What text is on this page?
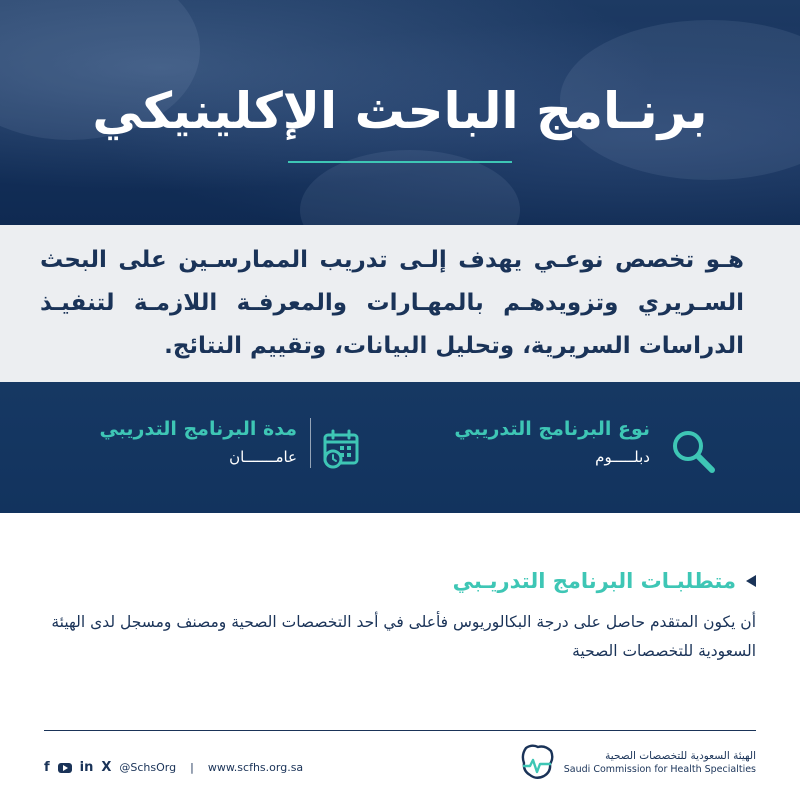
برنـامج الباحث الإكلينيكي

هـو تخصص نوعـي يهدف إلـى تدريب الممارسـين على البحث السـريري وتزويدهـم بالمهـارات والمعرفـة اللازمـة لتنفيـذ الدراسات السريرية، وتحليل البيانات، وتقييم النتائج.

نوع البرنامج التدريبي
دبلـــــوم
مدة البرنامج التدريبي
عامـــــــان
متطلبـات البرنامج التدريـبي
أن يكون المتقدم حاصل على درجة البكالوريوس فأعلى في أحد التخصصات الصحية ومصنف ومسجل لدى الهيئة السعودية للتخصصات الصحية
f in X @SchsOrg | www.scfhs.org.sa
الهيئة السعودية للتخصصات الصحية
Saudi Commission for Health Specialties
